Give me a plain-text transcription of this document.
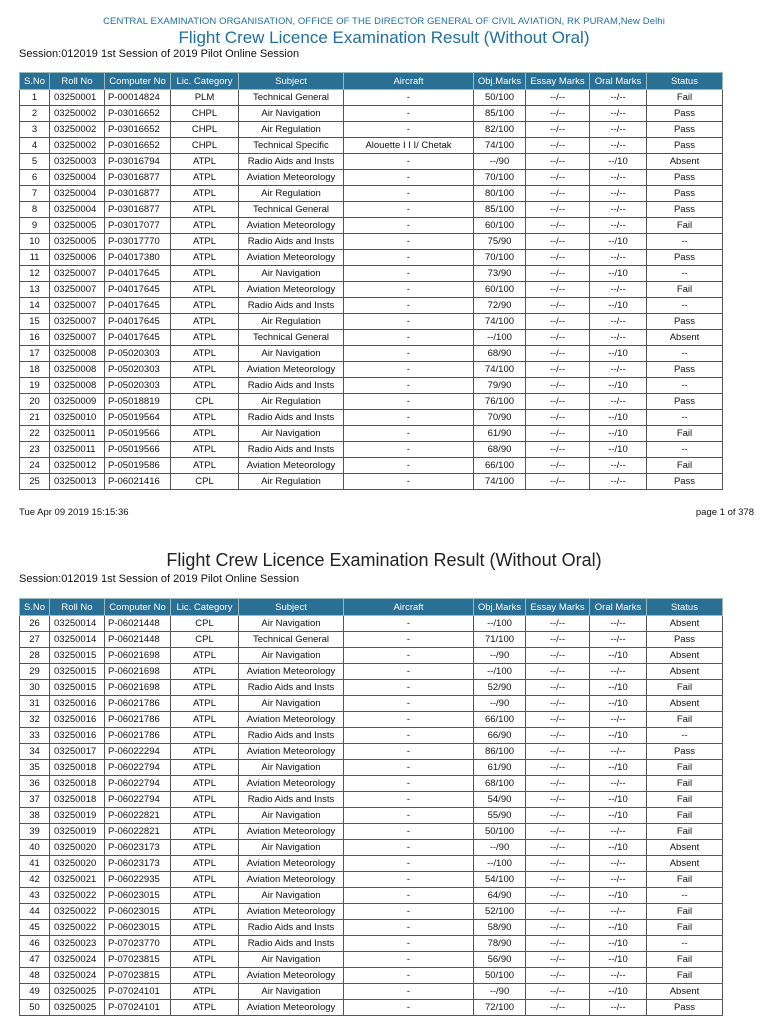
CENTRAL EXAMINATION ORGANISATION, OFFICE OF THE DIRECTOR GENERAL OF CIVIL AVIATION, RK PURAM,New Delhi
Flight Crew Licence Examination Result (Without Oral)
Session:012019 1st Session of 2019 Pilot Online Session
S.No	Roll No	Computer No	Lic. Category	Subject	Aircraft	Obj.Marks	Essay Marks	Oral Marks	Status
1	03250001	P-00014824	PLM	Technical General	-	50/100	--/--	--/--	Fail
2	03250002	P-03016652	CHPL	Air Navigation	-	85/100	--/--	--/--	Pass
3	03250002	P-03016652	CHPL	Air Regulation	-	82/100	--/--	--/--	Pass
4	03250002	P-03016652	CHPL	Technical Specific	Alouette I I I/ Chetak	74/100	--/--	--/--	Pass
5	03250003	P-03016794	ATPL	Radio Aids and Insts	-	--/90	--/--	--/10	Absent
6	03250004	P-03016877	ATPL	Aviation Meteorology	-	70/100	--/--	--/--	Pass
7	03250004	P-03016877	ATPL	Air Regulation	-	80/100	--/--	--/--	Pass
8	03250004	P-03016877	ATPL	Technical General	-	85/100	--/--	--/--	Pass
9	03250005	P-03017077	ATPL	Aviation Meteorology	-	60/100	--/--	--/--	Fail
10	03250005	P-03017770	ATPL	Radio Aids and Insts	-	75/90	--/--	--/10	--
11	03250006	P-04017380	ATPL	Aviation Meteorology	-	70/100	--/--	--/--	Pass
12	03250007	P-04017645	ATPL	Air Navigation	-	73/90	--/--	--/10	--
13	03250007	P-04017645	ATPL	Aviation Meteorology	-	60/100	--/--	--/--	Fail
14	03250007	P-04017645	ATPL	Radio Aids and Insts	-	72/90	--/--	--/10	--
15	03250007	P-04017645	ATPL	Air Regulation	-	74/100	--/--	--/--	Pass
16	03250007	P-04017645	ATPL	Technical General	-	--/100	--/--	--/--	Absent
17	03250008	P-05020303	ATPL	Air Navigation	-	68/90	--/--	--/10	--
18	03250008	P-05020303	ATPL	Aviation Meteorology	-	74/100	--/--	--/--	Pass
19	03250008	P-05020303	ATPL	Radio Aids and Insts	-	79/90	--/--	--/10	--
20	03250009	P-05018819	CPL	Air Regulation	-	76/100	--/--	--/--	Pass
21	03250010	P-05019564	ATPL	Radio Aids and Insts	-	70/90	--/--	--/10	--
22	03250011	P-05019566	ATPL	Air Navigation	-	61/90	--/--	--/10	Fail
23	03250011	P-05019566	ATPL	Radio Aids and Insts	-	68/90	--/--	--/10	--
24	03250012	P-05019586	ATPL	Aviation Meteorology	-	66/100	--/--	--/--	Fail
25	03250013	P-06021416	CPL	Air Regulation	-	74/100	--/--	--/--	Pass
Tue Apr 09 2019 15:15:36	page 1 of 378
Flight Crew Licence Examination Result (Without Oral)
Session:012019 1st Session of 2019 Pilot Online Session
S.No	Roll No	Computer No	Lic. Category	Subject	Aircraft	Obj.Marks	Essay Marks	Oral Marks	Status
26	03250014	P-06021448	CPL	Air Navigation	-	--/100	--/--	--/--	Absent
27	03250014	P-06021448	CPL	Technical General	-	71/100	--/--	--/--	Pass
28	03250015	P-06021698	ATPL	Air Navigation	-	--/90	--/--	--/10	Absent
29	03250015	P-06021698	ATPL	Aviation Meteorology	-	--/100	--/--	--/--	Absent
30	03250015	P-06021698	ATPL	Radio Aids and Insts	-	52/90	--/--	--/10	Fail
31	03250016	P-06021786	ATPL	Air Navigation	-	--/90	--/--	--/10	Absent
32	03250016	P-06021786	ATPL	Aviation Meteorology	-	66/100	--/--	--/--	Fail
33	03250016	P-06021786	ATPL	Radio Aids and Insts	-	66/90	--/--	--/10	--
34	03250017	P-06022294	ATPL	Aviation Meteorology	-	86/100	--/--	--/--	Pass
35	03250018	P-06022794	ATPL	Air Navigation	-	61/90	--/--	--/10	Fail
36	03250018	P-06022794	ATPL	Aviation Meteorology	-	68/100	--/--	--/--	Fail
37	03250018	P-06022794	ATPL	Radio Aids and Insts	-	54/90	--/--	--/10	Fail
38	03250019	P-06022821	ATPL	Air Navigation	-	55/90	--/--	--/10	Fail
39	03250019	P-06022821	ATPL	Aviation Meteorology	-	50/100	--/--	--/--	Fail
40	03250020	P-06023173	ATPL	Air Navigation	-	--/90	--/--	--/10	Absent
41	03250020	P-06023173	ATPL	Aviation Meteorology	-	--/100	--/--	--/--	Absent
42	03250021	P-06022935	ATPL	Aviation Meteorology	-	54/100	--/--	--/--	Fail
43	03250022	P-06023015	ATPL	Air Navigation	-	64/90	--/--	--/10	--
44	03250022	P-06023015	ATPL	Aviation Meteorology	-	52/100	--/--	--/--	Fail
45	03250022	P-06023015	ATPL	Radio Aids and Insts	-	58/90	--/--	--/10	Fail
46	03250023	P-07023770	ATPL	Radio Aids and Insts	-	78/90	--/--	--/10	--
47	03250024	P-07023815	ATPL	Air Navigation	-	56/90	--/--	--/10	Fail
48	03250024	P-07023815	ATPL	Aviation Meteorology	-	50/100	--/--	--/--	Fail
49	03250025	P-07024101	ATPL	Air Navigation	-	--/90	--/--	--/10	Absent
50	03250025	P-07024101	ATPL	Aviation Meteorology	-	72/100	--/--	--/--	Pass
